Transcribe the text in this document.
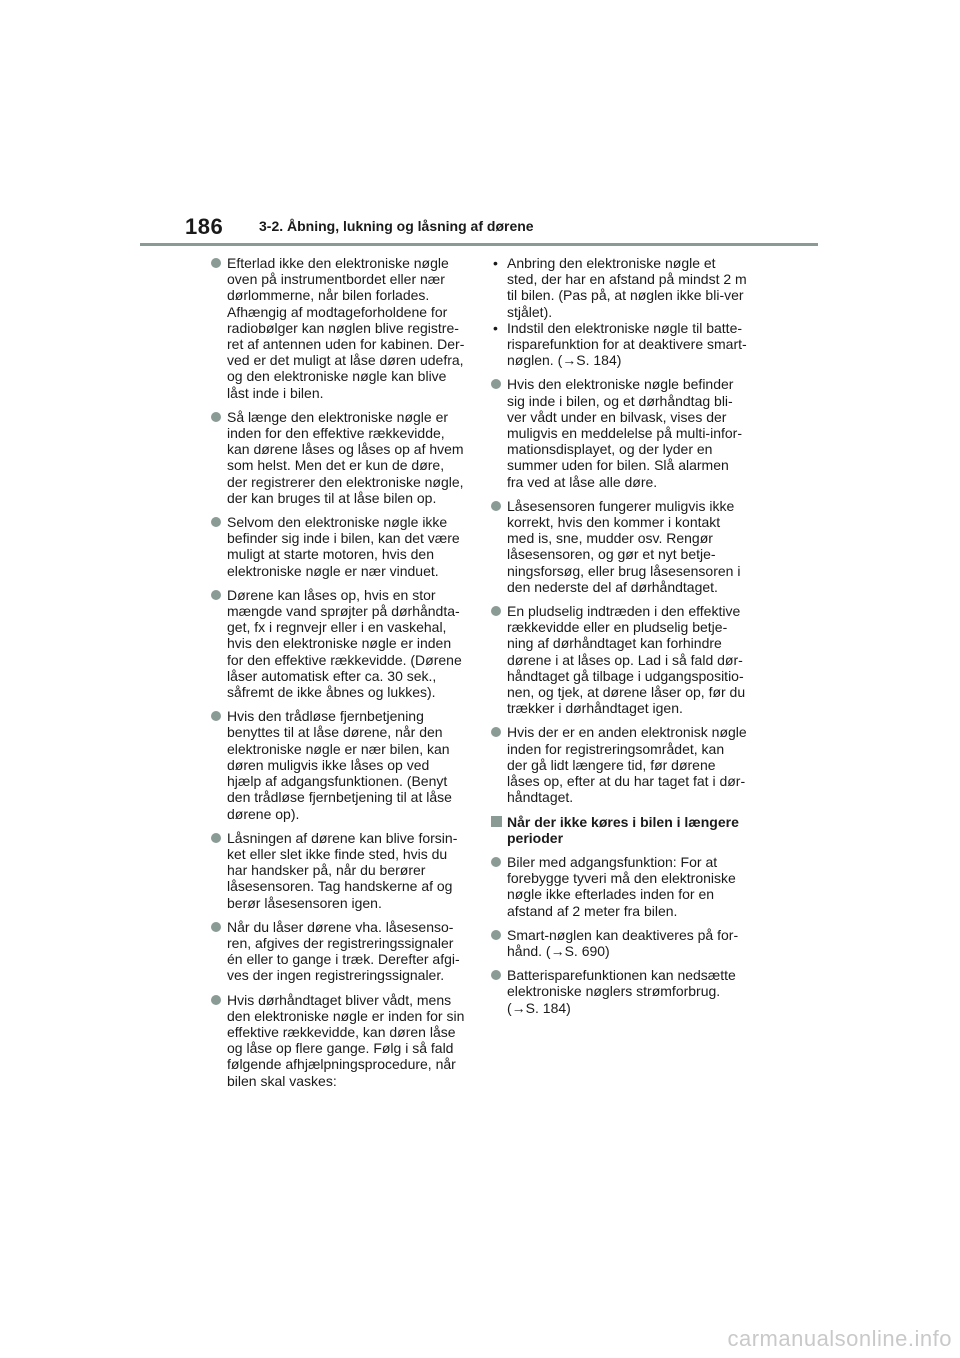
186	3-2. Åbning, lukning og låsning af dørene
Efterlad ikke den elektroniske nøgle oven på instrumentbordet eller nær dørlommerne, når bilen forlades. Afhængig af modtageforholdene for radiobølger kan nøglen blive registre-ret af antennen uden for kabinen. Der-ved er det muligt at låse døren udefra, og den elektroniske nøgle kan blive låst inde i bilen.
Så længe den elektroniske nøgle er inden for den effektive rækkevidde, kan dørene låses og låses op af hvem som helst. Men det er kun de døre, der registrerer den elektroniske nøgle, der kan bruges til at låse bilen op.
Selvom den elektroniske nøgle ikke befinder sig inde i bilen, kan det være muligt at starte motoren, hvis den elektroniske nøgle er nær vinduet.
Dørene kan låses op, hvis en stor mængde vand sprøjter på dørhåndta-get, fx i regnvejr eller i en vaskehal, hvis den elektroniske nøgle er inden for den effektive rækkevidde. (Dørene låser automatisk efter ca. 30 sek., såfremt de ikke åbnes og lukkes).
Hvis den trådløse fjernbetjening benyttes til at låse dørene, når den elektroniske nøgle er nær bilen, kan døren muligvis ikke låses op ved hjælp af adgangsfunktionen. (Benyt den trådløse fjernbetjening til at låse dørene op).
Låsningen af dørene kan blive forsin-ket eller slet ikke finde sted, hvis du har handsker på, når du berører låsesensoren. Tag handskerne af og berør låsesensoren igen.
Når du låser dørene vha. låsesenso-ren, afgives der registreringssignaler én eller to gange i træk. Derefter afgi-ves der ingen registreringssignaler.
Hvis dørhåndtaget bliver vådt, mens den elektroniske nøgle er inden for sin effektive rækkevidde, kan døren låse og låse op flere gange. Følg i så fald følgende afhjælpningsprocedure, når bilen skal vaskes:
• Anbring den elektroniske nøgle et sted, der har en afstand på mindst 2 m til bilen. (Pas på, at nøglen ikke bli-ver stjålet).
• Indstil den elektroniske nøgle til batte-risparefunktion for at deaktivere smart-nøglen. (→S. 184)
Hvis den elektroniske nøgle befinder sig inde i bilen, og et dørhåndtag bli-ver vådt under en bilvask, vises der muligvis en meddelelse på multi-infor-mationsdisplayet, og der lyder en summer uden for bilen. Slå alarmen fra ved at låse alle døre.
Låsesensoren fungerer muligvis ikke korrekt, hvis den kommer i kontakt med is, sne, mudder osv. Rengør låsesensoren, og gør et nyt betje-ningsforsøg, eller brug låsesensoren i den nederste del af dørhåndtaget.
En pludselig indtræden i den effektive rækkevidde eller en pludselig betje-ning af dørhåndtaget kan forhindre dørene i at låses op. Lad i så fald dør-håndtaget gå tilbage i udgangspositio-nen, og tjek, at dørene låser op, før du trækker i dørhåndtaget igen.
Hvis der er en anden elektronisk nøgle inden for registreringsområdet, kan der gå lidt længere tid, før dørene låses op, efter at du har taget fat i dør-håndtaget.
Når der ikke køres i bilen i længere perioder
Biler med adgangsfunktion: For at forebygge tyveri må den elektroniske nøgle ikke efterlades inden for en afstand af 2 meter fra bilen.
Smart-nøglen kan deaktiveres på for-hånd. (→S. 690)
Batterisparefunktionen kan nedsætte elektroniske nøglers strømforbrug. (→S. 184)
carmanualsonline.info
